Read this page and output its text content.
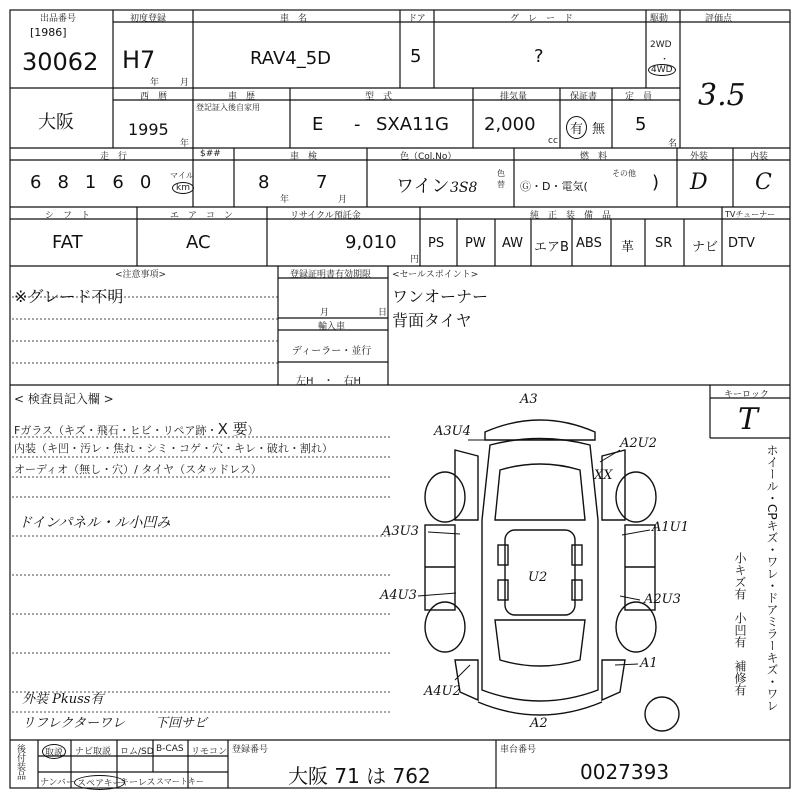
出品番号
[1986]
30062
初度登録
H7
年 月
車　名
RAV4_5D
ドア
5
グ　レ　ー　ド
?
駆動
2WD
・
4WD
評価点
3.5
大阪
西　暦
1995
年
車　歴
登記証入後自家用
型　式
E - SXA11G
排気量
2,000
cc
保証書
有 無
定　員
5
名
走　行
68160 マイル
km
$##	車　検
8
年
7
月
色（Col.No）
ワイン 3S8
色替
燃　料
Ⓖ・D・電気(
その他 )
外装
D
内装
C
シ　フ　ト
FAT
エ　ア　コ　ン
AC
リサイクル預託金
9,010
円
純　正　装　備　品	TVチューナー
PS PW AW エアB ABS 革 SR ナビ DTV
<注意事項>
※グレード不明
登録証明書有効期限
月	日
輸入車
ディーラー・並行
左H　・　右H
<セールスポイント>
ワンオーナー
背面タイヤ
< 検査員記入欄 >
Fガラス（キズ・飛石・ヒビ・リペア跡・X 要）
内装（キ凹・汚レ・焦れ・シミ・コゲ・穴・キレ・破れ・割れ）
オーディオ（無し・穴）/ タイヤ（スタッドレス）
ドインパネル・ル小凹み
外装 Pkuss有
リフレクターワレ 下回サビ
A3
A3U4
A2U2
XX
A3U3	A1U1
U2
A4U3	A2U3
A4U2
A1
A2
キーロック
T
ホイール・CPキズ・ワレ・ドアミラーキズ・ワレ
小キズ有　小凹有　補修有
後付装品	取説	ナビ取説 ロム/SD B-CAS リモコン
ナンバー スペアキー
キーレス スマートキー
登録番号
大阪 71 は 762
車台番号
0027393
